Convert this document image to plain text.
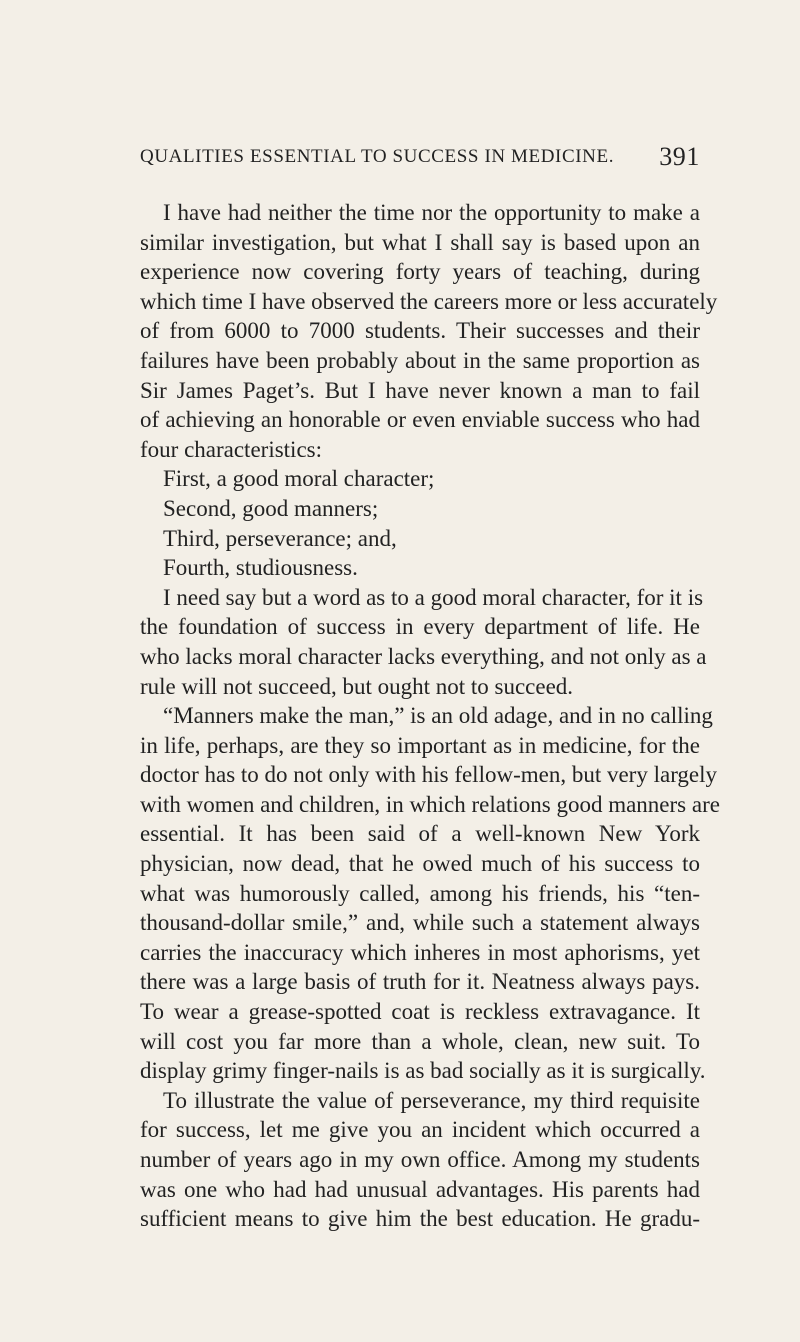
QUALITIES ESSENTIAL TO SUCCESS IN MEDICINE. 391
I have had neither the time nor the opportunity to make a
similar investigation, but what I shall say is based upon an
experience now covering forty years of teaching, during
which time I have observed the careers more or less accurately
of from 6000 to 7000 students. Their successes and their
failures have been probably about in the same proportion as
Sir James Paget’s. But I have never known a man to fail
of achieving an honorable or even enviable success who had
four characteristics:
First, a good moral character;
Second, good manners;
Third, perseverance; and,
Fourth, studiousness.
I need say but a word as to a good moral character, for it is
the foundation of success in every department of life. He
who lacks moral character lacks everything, and not only as a
rule will not succeed, but ought not to succeed.
“Manners make the man,” is an old adage, and in no calling
in life, perhaps, are they so important as in medicine, for the
doctor has to do not only with his fellow-men, but very largely
with women and children, in which relations good manners are
essential. It has been said of a well-known New York
physician, now dead, that he owed much of his success to
what was humorously called, among his friends, his “ten-
thousand-dollar smile,” and, while such a statement always
carries the inaccuracy which inheres in most aphorisms, yet
there was a large basis of truth for it. Neatness always pays.
To wear a grease-spotted coat is reckless extravagance. It
will cost you far more than a whole, clean, new suit. To
display grimy finger-nails is as bad socially as it is surgically.
To illustrate the value of perseverance, my third requisite
for success, let me give you an incident which occurred a
number of years ago in my own office. Among my students
was one who had had unusual advantages. His parents had
sufficient means to give him the best education. He gradu-
